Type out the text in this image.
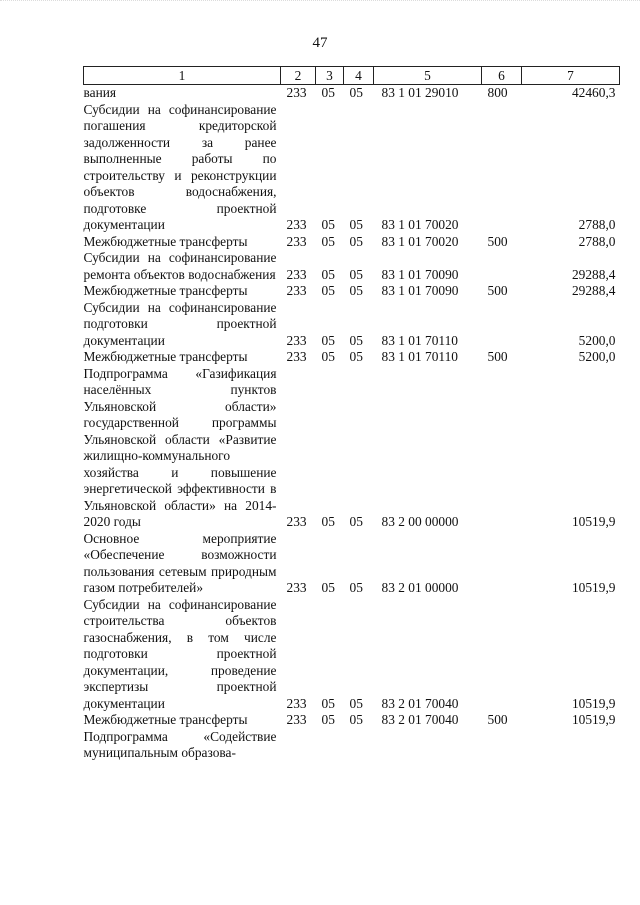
47
1	2	3	4	5	6	7
вания	233	05	05	83 1 01 29010	800	42460,3
Субсидии на софинансирование погашения кредиторской задолженности за ранее выполненные работы по строительству и реконструкции объектов водоснабжения, подготовке проектной документации	233	05	05	83 1 01 70020		2788,0
Межбюджетные трансферты	233	05	05	83 1 01 70020	500	2788,0
Субсидии на софинансирование ремонта объектов водоснабжения	233	05	05	83 1 01 70090		29288,4
Межбюджетные трансферты	233	05	05	83 1 01 70090	500	29288,4
Субсидии на софинансирование подготовки проектной документации	233	05	05	83 1 01 70110		5200,0
Межбюджетные трансферты	233	05	05	83 1 01 70110	500	5200,0
Подпрограмма «Газификация населённых пунктов Ульяновской области» государственной программы Ульяновской области «Развитие жилищно-коммунального хозяйства и повышение энергетической эффективности в Ульяновской области» на 2014-2020 годы	233	05	05	83 2 00 00000		10519,9
Основное мероприятие «Обеспечение возможности пользования сетевым природным газом потребителей»	233	05	05	83 2 01 00000		10519,9
Субсидии на софинансирование строительства объектов газоснабжения, в том числе подготовки проектной документации, проведение экспертизы проектной документации	233	05	05	83 2 01 70040		10519,9
Межбюджетные трансферты	233	05	05	83 2 01 70040	500	10519,9
Подпрограмма «Содействие муниципальным образова-						
